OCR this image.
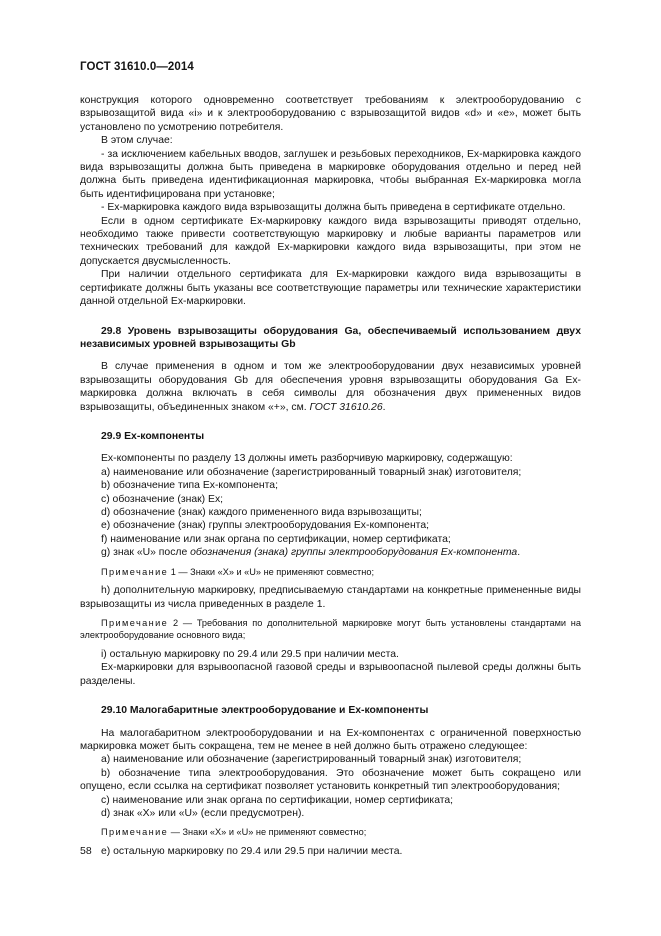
ГОСТ 31610.0—2014

конструкция которого одновременно соответствует требованиям к электрооборудованию с взрывозащитой вида «i» и к электрооборудованию с взрывозащитой видов «d» и «е», может быть установлено по усмотрению потребителя.

В этом случае:

- за исключением кабельных вводов, заглушек и резьбовых переходников, Ех-маркировка каждого вида взрывозащиты должна быть приведена в маркировке оборудования отдельно и перед ней должна быть приведена идентификационная маркировка, чтобы выбранная Ех-маркировка могла быть идентифицирована при установке;

- Ех-маркировка каждого вида взрывозащиты должна быть приведена в сертификате отдельно.

Если в одном сертификате Ех-маркировку каждого вида взрывозащиты приводят отдельно, необходимо также привести соответствующую маркировку и любые варианты параметров или технических требований для каждой Ех-маркировки каждого вида взрывозащиты, при этом не допускается двусмысленность.

При наличии отдельного сертификата для Ех-маркировки каждого вида взрывозащиты в сертификате должны быть указаны все соответствующие параметры или технические характеристики данной отдельной Ех-маркировки.

29.8 Уровень взрывозащиты оборудования Ga, обеспечиваемый использованием двух независимых уровней взрывозащиты Gb

В случае применения в одном и том же электрооборудовании двух независимых уровней взрывозащиты оборудования Gb для обеспечения уровня взрывозащиты оборудования Ga Ex-маркировка должна включать в себя символы для обозначения двух примененных видов взрывозащиты, объединенных знаком «+», см. ГОСТ 31610.26.

29.9 Ех-компоненты

Ех-компоненты по разделу 13 должны иметь разборчивую маркировку, содержащую:

а) наименование или обозначение (зарегистрированный товарный знак) изготовителя;

b) обозначение типа Ех-компонента;

c) обозначение (знак) Ex;

d) обозначение (знак) каждого примененного вида взрывозащиты;

е) обозначение (знак) группы электрооборудования Ех-компонента;

f) наименование или знак органа по сертификации, номер сертификата;

g) знак «U» после обозначения (знака) группы электрооборудования Ех-компонента.

Примечание 1 — Знаки «X» и «U» не применяют совместно;

h) дополнительную маркировку, предписываемую стандартами на конкретные примененные виды взрывозащиты из числа приведенных в разделе 1.

Примечание 2 — Требования по дополнительной маркировке могут быть установлены стандартами на электрооборудование основного вида;

i) остальную маркировку по 29.4 или 29.5 при наличии места.

Ех-маркировки для взрывоопасной газовой среды и взрывоопасной пылевой среды должны быть разделены.

29.10 Малогабаритные электрооборудование и Ех-компоненты

На малогабаритном электрооборудовании и на Ех-компонентах с ограниченной поверхностью маркировка может быть сокращена, тем не менее в ней должно быть отражено следующее:

а) наименование или обозначение (зарегистрированный товарный знак) изготовителя;

b) обозначение типа электрооборудования. Это обозначение может быть сокращено или опущено, если ссылка на сертификат позволяет установить конкретный тип электрооборудования;

c) наименование или знак органа по сертификации, номер сертификата;

d) знак «X» или «U» (если предусмотрен).

Примечание — Знаки «X» и «U» не применяют совместно;

е) остальную маркировку по 29.4 или 29.5 при наличии места.

58
